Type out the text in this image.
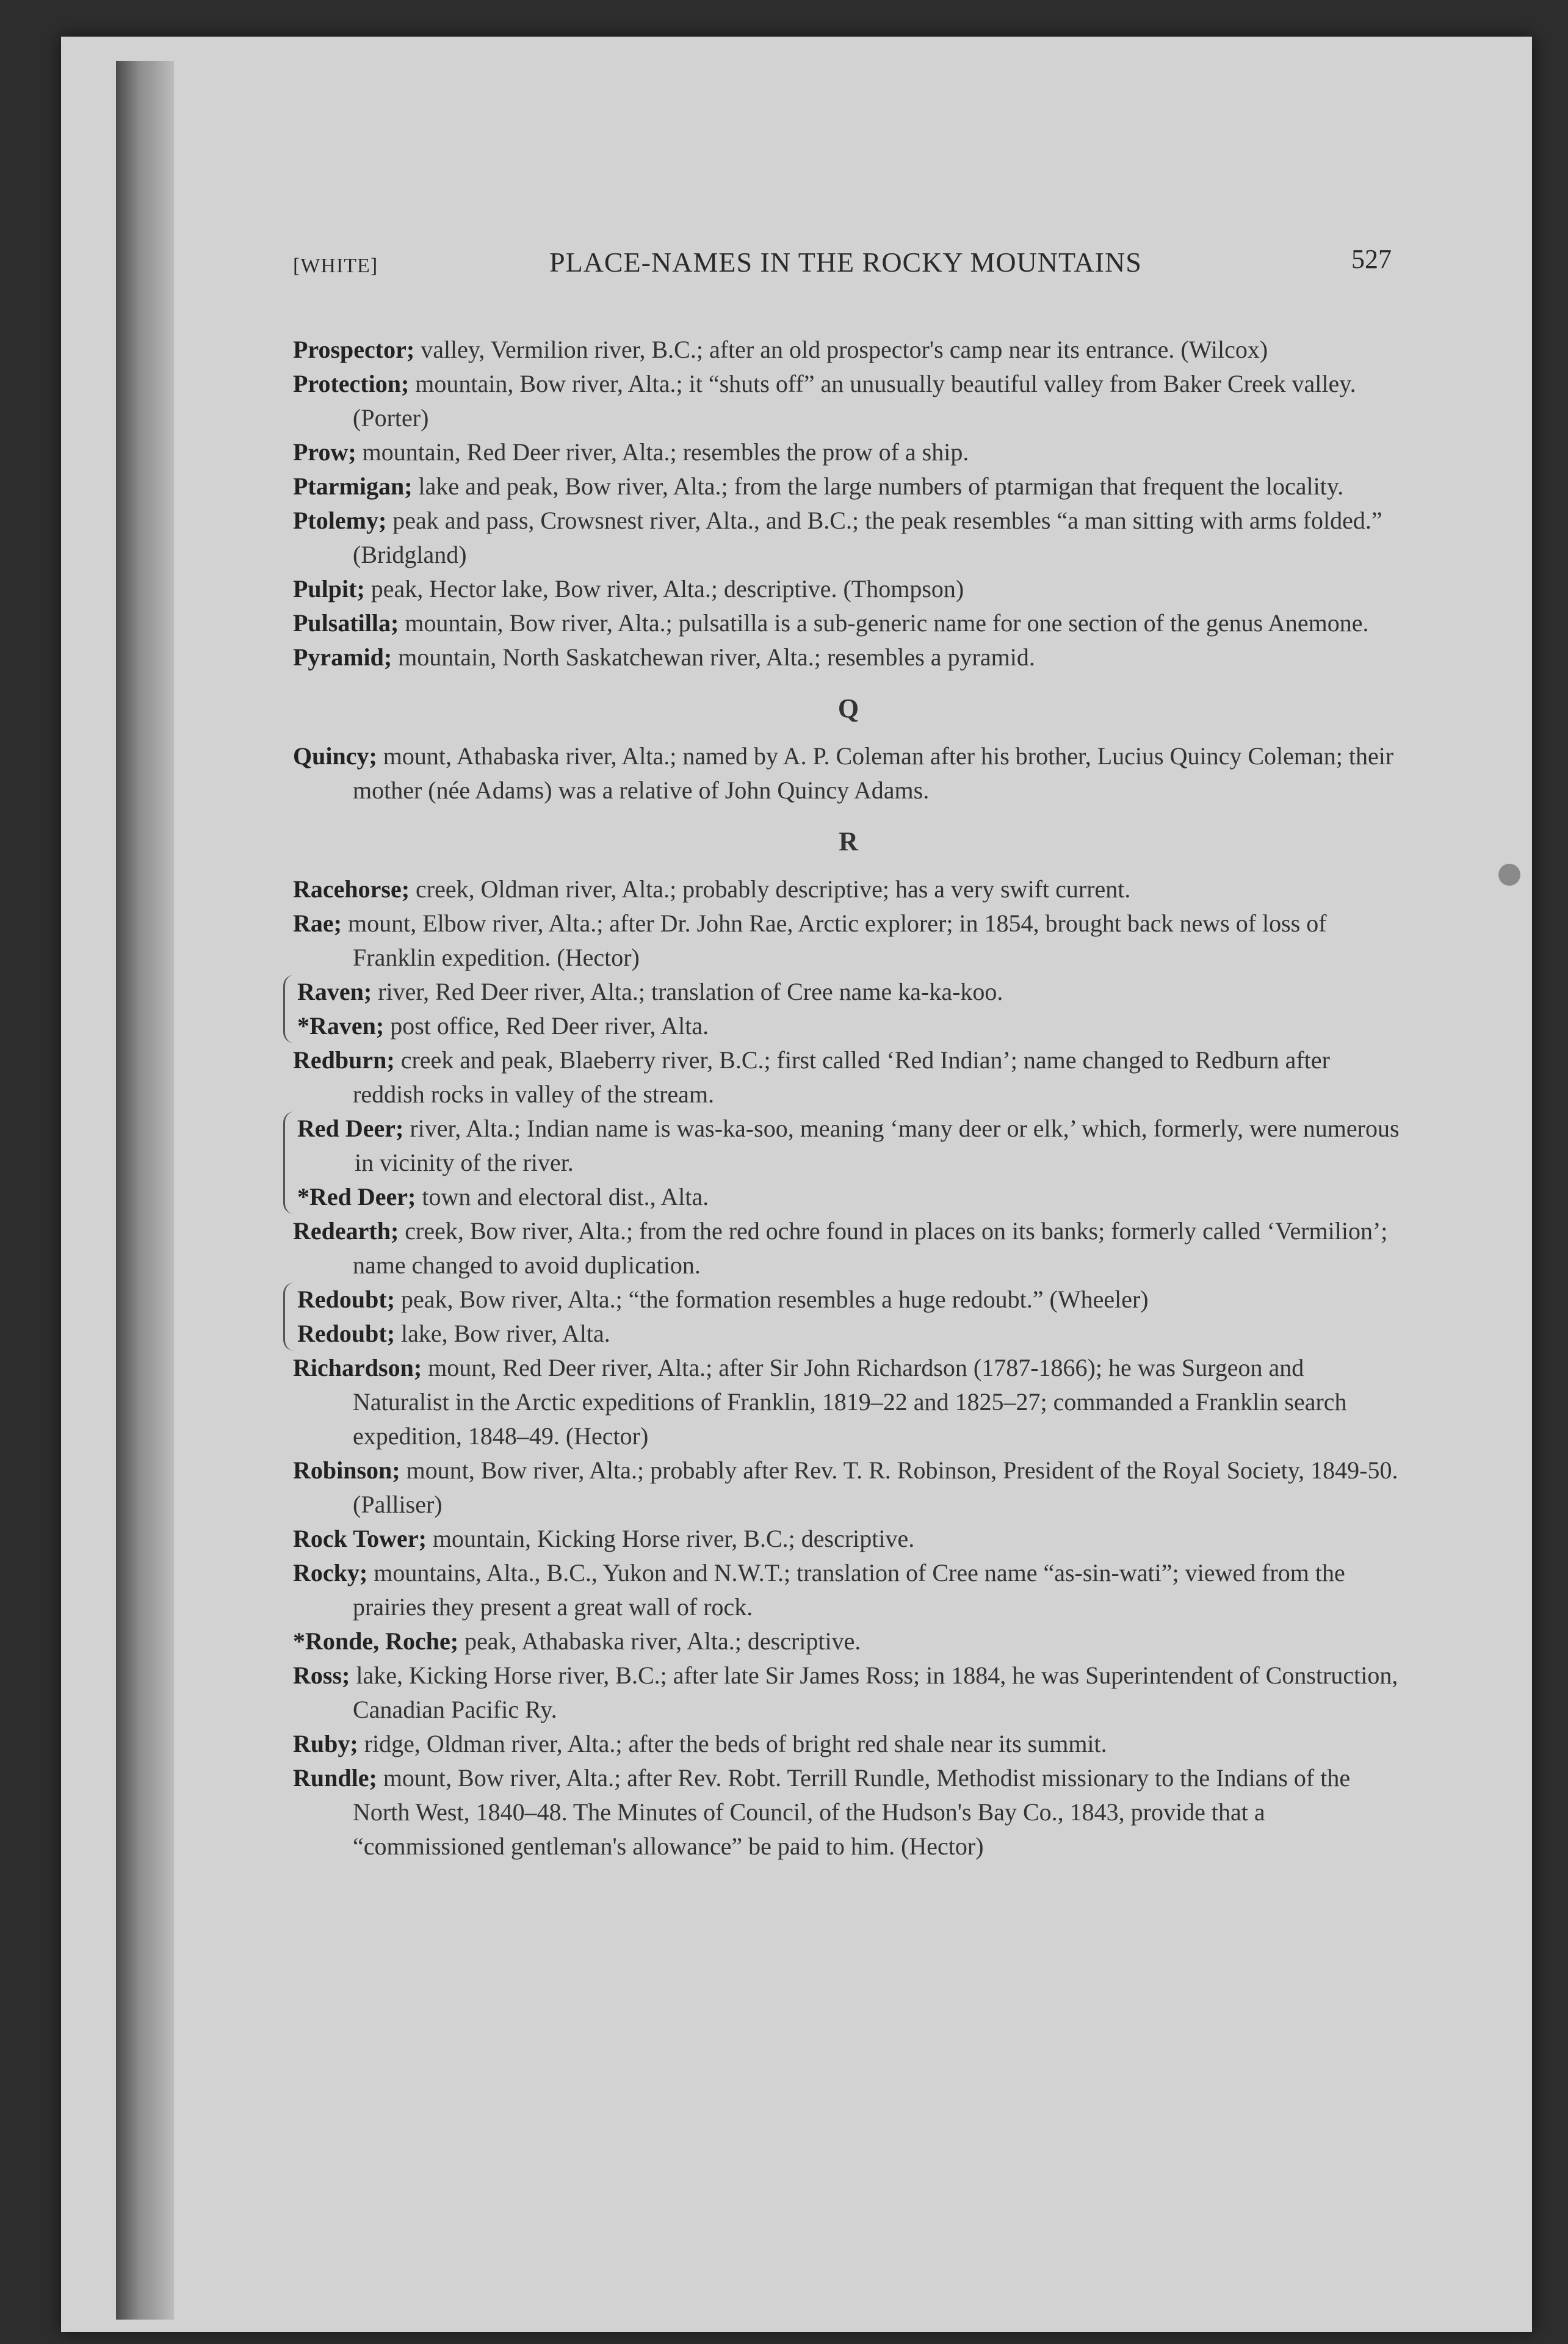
[WHITE]	PLACE-NAMES IN THE ROCKY MOUNTAINS	527

Prospector; valley, Vermilion river, B.C.; after an old prospector's camp near its entrance. (Wilcox)

Protection; mountain, Bow river, Alta.; it “shuts off” an unusually beautiful valley from Baker Creek valley. (Porter)

Prow; mountain, Red Deer river, Alta.; resembles the prow of a ship.

Ptarmigan; lake and peak, Bow river, Alta.; from the large numbers of ptarmigan that frequent the locality.

Ptolemy; peak and pass, Crowsnest river, Alta., and B.C.; the peak resembles “a man sitting with arms folded.” (Bridgland)

Pulpit; peak, Hector lake, Bow river, Alta.; descriptive. (Thompson)

Pulsatilla; mountain, Bow river, Alta.; pulsatilla is a sub-generic name for one section of the genus Anemone.

Pyramid; mountain, North Saskatchewan river, Alta.; resembles a pyramid.

Q

Quincy; mount, Athabaska river, Alta.; named by A. P. Coleman after his brother, Lucius Quincy Coleman; their mother (née Adams) was a relative of John Quincy Adams.

R

Racehorse; creek, Oldman river, Alta.; probably descriptive; has a very swift current.

Rae; mount, Elbow river, Alta.; after Dr. John Rae, Arctic explorer; in 1854, brought back news of loss of Franklin expedition. (Hector)

Raven; river, Red Deer river, Alta.; translation of Cree name ka-ka-koo.

*Raven; post office, Red Deer river, Alta.

Redburn; creek and peak, Blaeberry river, B.C.; first called ‘Red Indian’; name changed to Redburn after reddish rocks in valley of the stream.

Red Deer; river, Alta.; Indian name is was-ka-soo, meaning ‘many deer or elk,’ which, formerly, were numerous in vicinity of the river.

*Red Deer; town and electoral dist., Alta.

Redearth; creek, Bow river, Alta.; from the red ochre found in places on its banks; formerly called ‘Vermilion’; name changed to avoid duplication.

Redoubt; peak, Bow river, Alta.; “the formation resembles a huge redoubt.” (Wheeler)

Redoubt; lake, Bow river, Alta.

Richardson; mount, Red Deer river, Alta.; after Sir John Richardson (1787-1866); he was Surgeon and Naturalist in the Arctic expeditions of Franklin, 1819–22 and 1825–27; commanded a Franklin search expedition, 1848–49. (Hector)

Robinson; mount, Bow river, Alta.; probably after Rev. T. R. Robinson, President of the Royal Society, 1849-50. (Palliser)

Rock Tower; mountain, Kicking Horse river, B.C.; descriptive.

Rocky; mountains, Alta., B.C., Yukon and N.W.T.; translation of Cree name “as-sin-wati”; viewed from the prairies they present a great wall of rock.

*Ronde, Roche; peak, Athabaska river, Alta.; descriptive.

Ross; lake, Kicking Horse river, B.C.; after late Sir James Ross; in 1884, he was Superintendent of Construction, Canadian Pacific Ry.

Ruby; ridge, Oldman river, Alta.; after the beds of bright red shale near its summit.

Rundle; mount, Bow river, Alta.; after Rev. Robt. Terrill Rundle, Methodist missionary to the Indians of the North West, 1840–48. The Minutes of Council, of the Hudson's Bay Co., 1843, provide that a “commissioned gentleman's allowance” be paid to him. (Hector)
